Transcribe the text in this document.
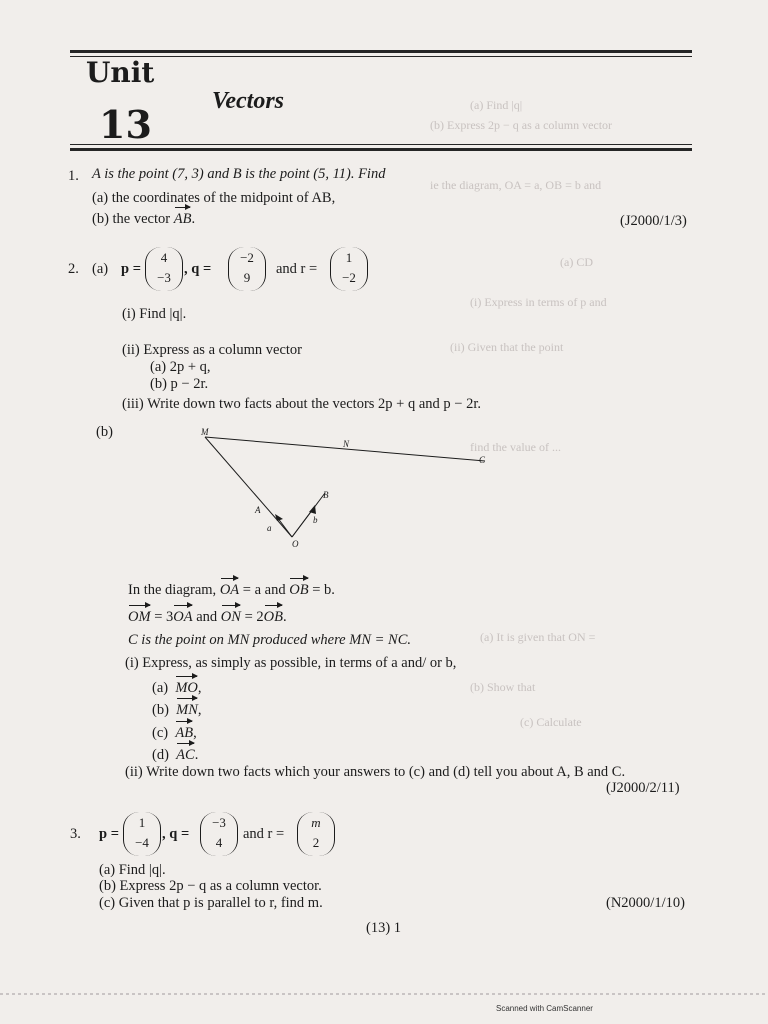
(a) Find |q|
(b) Express 2p − q as a column vector
ie the diagram, OA = a, OB = b and
(a) CD
(i) Express in terms of p and
(ii) Given that the point
find the value of ...
(a) It is given that ON =
(b) Show that
(c) Calculate
Unit
13
Vectors
1. A is the point (7, 3) and B is the point (5, 11). Find
(a) the coordinates of the midpoint of AB,
(b) the vector AB.	(J2000/1/3)
2. (a) p =
4
−3
, q =
−2
9
and r =
1
−2
(i) Find |q|.
(ii) Express as a column vector
(a) 2p + q,
(b) p − 2r.
(iii) Write down two facts about the vectors 2p + q and p − 2r.
(b)	M
N
C
A
B
O
a
b
In the diagram, OA = a and OB = b.
OM = 3OA and ON = 2OB.
C is the point on MN produced where MN = NC.
(i) Express, as simply as possible, in terms of a and/ or b,
(a) MO,
(b) MN,
(c) AB,
(d) AC.
(ii) Write down two facts which your answers to (c) and (d) tell you about A, B and C.
(J2000/2/11)
3. p =
1
−4
, q =
−3
4
and r =
m
2
(a) Find |q|.
(b) Express 2p − q as a column vector.
(c) Given that p is parallel to r, find m.	(N2000/1/10)
(13) 1
Scanned with CamScanner
